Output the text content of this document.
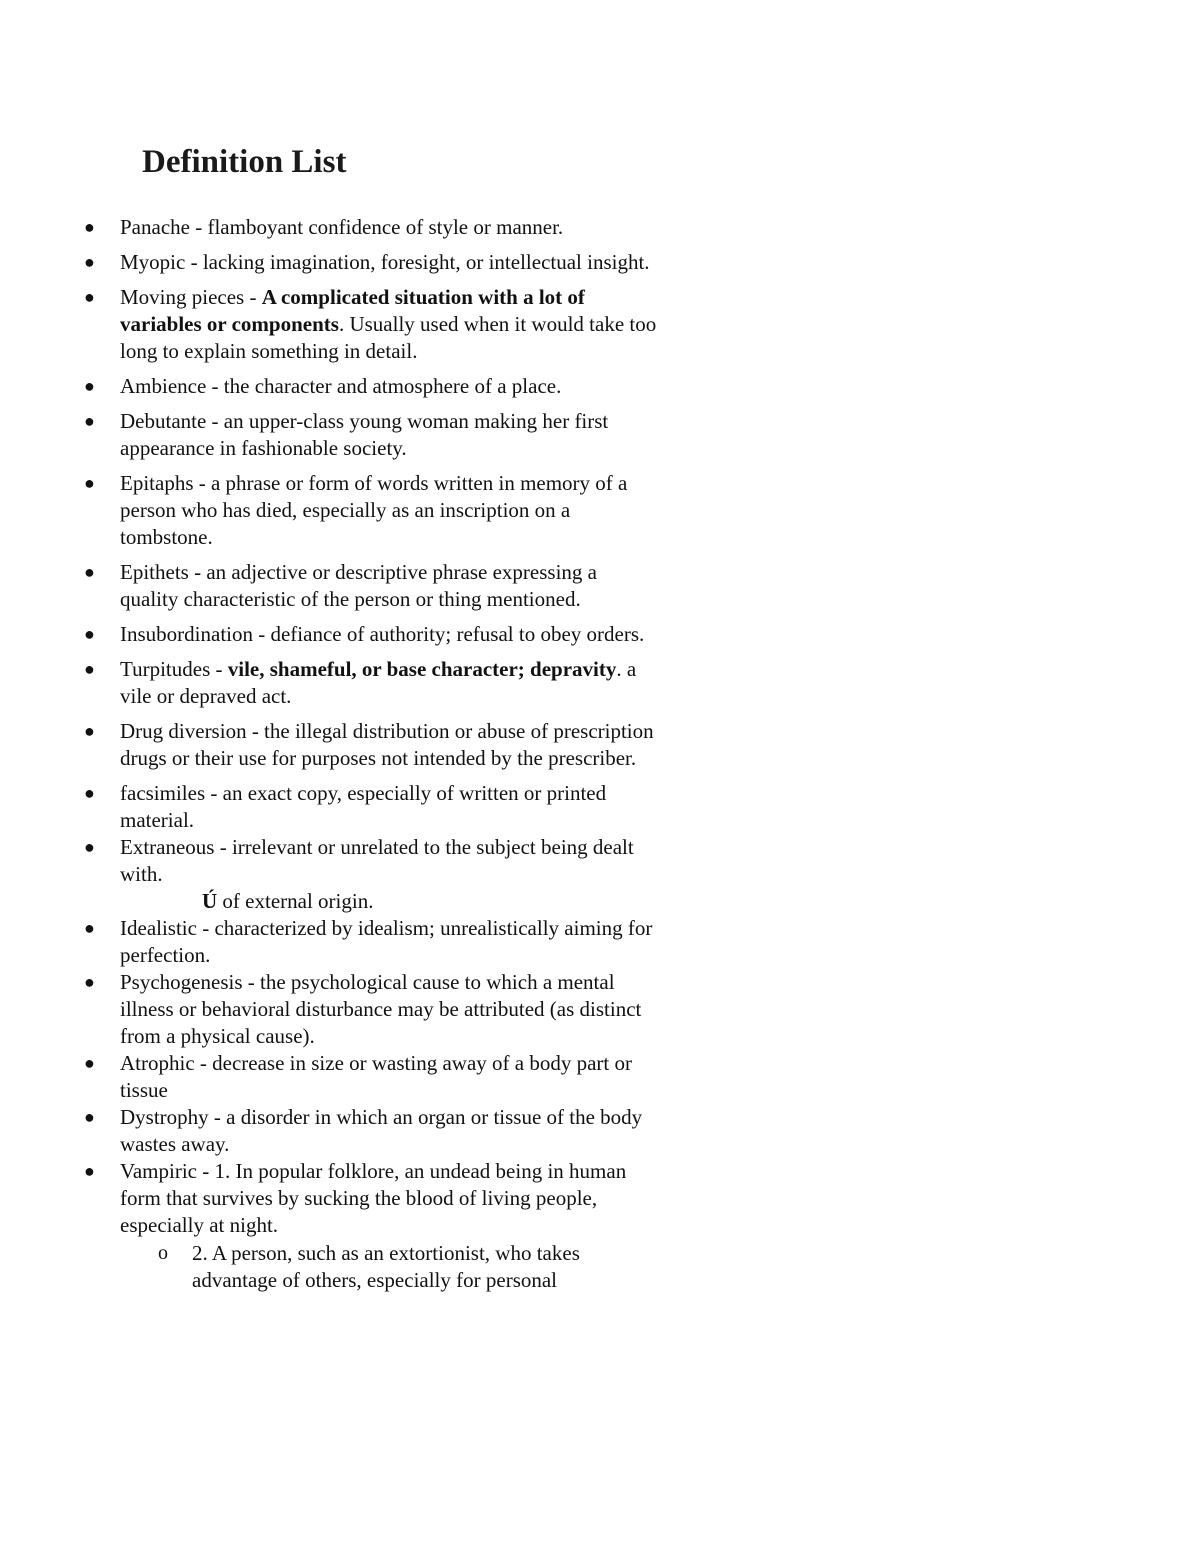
Definition List
● Panache - flamboyant confidence of style or manner.
● Myopic - lacking imagination, foresight, or intellectual insight.
● Moving pieces - A complicated situation with a lot of variables or components. Usually used when it would take too long to explain something in detail.
● Ambience - the character and atmosphere of a place.
● Debutante - an upper-class young woman making her first appearance in fashionable society.
● Epitaphs - a phrase or form of words written in memory of a person who has died, especially as an inscription on a tombstone.
● Epithets - an adjective or descriptive phrase expressing a quality characteristic of the person or thing mentioned.
● Insubordination - defiance of authority; refusal to obey orders.
● Turpitudes - vile, shameful, or base character; depravity. a vile or depraved act.
● Drug diversion - the illegal distribution or abuse of prescription drugs or their use for purposes not intended by the prescriber.
● facsimiles - an exact copy, especially of written or printed material.
● Extraneous - irrelevant or unrelated to the subject being dealt with.
Ú of external origin.
● Idealistic - characterized by idealism; unrealistically aiming for perfection.
● Psychogenesis - the psychological cause to which a mental illness or behavioral disturbance may be attributed (as distinct from a physical cause).
● Atrophic - decrease in size or wasting away of a body part or tissue
● Dystrophy - a disorder in which an organ or tissue of the body wastes away.
● Vampiric - 1. In popular folklore, an undead being in human form that survives by sucking the blood of living people, especially at night.
o 2. A person, such as an extortionist, who takes advantage of others, especially for personal
